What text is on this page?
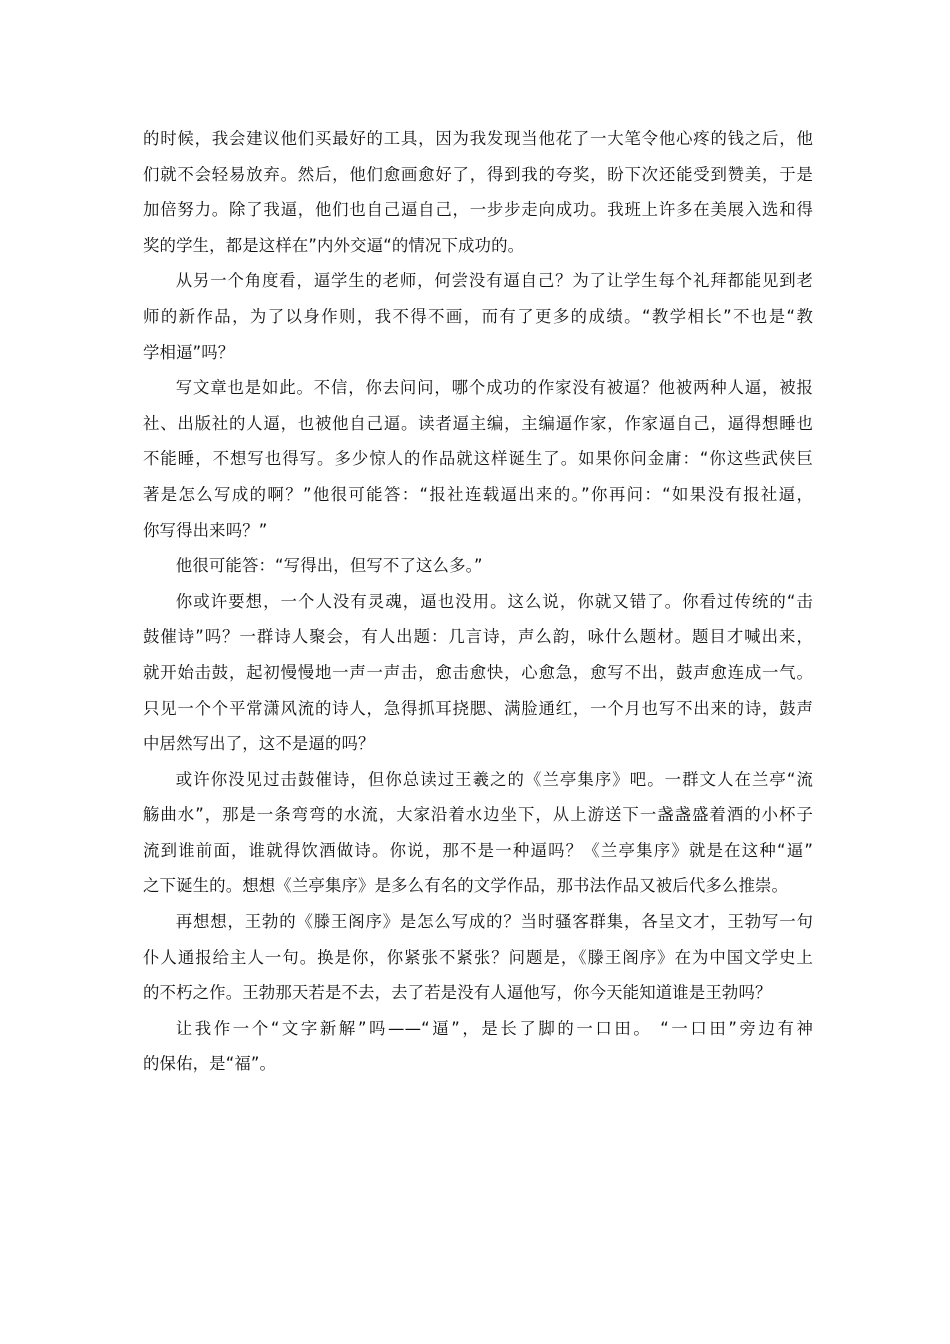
的时候，我会建议他们买最好的工具，因为我发现当他花了一大笔令他心疼的钱之后，他
们就不会轻易放弃。然后，他们愈画愈好了，得到我的夸奖，盼下次还能受到赞美，于是
加倍努力。除了我逼，他们也自己逼自己，一步步走向成功。我班上许多在美展入选和得
奖的学生，都是这样在”内外交逼“的情况下成功的。

从另一个角度看，逼学生的老师，何尝没有逼自己？为了让学生每个礼拜都能见到老
师的新作品，为了以身作则，我不得不画，而有了更多的成绩。“教学相长”不也是“教
学相逼”吗？

写文章也是如此。不信，你去问问，哪个成功的作家没有被逼？他被两种人逼，被报
社、出版社的人逼，也被他自己逼。读者逼主编，主编逼作家，作家逼自己，逼得想睡也
不能睡，不想写也得写。多少惊人的作品就这样诞生了。如果你问金庸：“你这些武侠巨
著是怎么写成的啊？”他很可能答：“报社连载逼出来的。”你再问：“如果没有报社逼，
你写得出来吗？”

他很可能答：“写得出，但写不了这么多。”

你或许要想，一个人没有灵魂，逼也没用。这么说，你就又错了。你看过传统的“击
鼓催诗”吗？一群诗人聚会，有人出题：几言诗，声么韵，咏什么题材。题目才喊出来，
就开始击鼓，起初慢慢地一声一声击，愈击愈快，心愈急，愈写不出，鼓声愈连成一气。
只见一个个平常潇风流的诗人，急得抓耳挠腮、满脸通红，一个月也写不出来的诗，鼓声
中居然写出了，这不是逼的吗？

或许你没见过击鼓催诗，但你总读过王羲之的《兰亭集序》吧。一群文人在兰亭“流
觞曲水”，那是一条弯弯的水流，大家沿着水边坐下，从上游送下一盏盏盛着酒的小杯子
流到谁前面，谁就得饮酒做诗。你说，那不是一种逼吗？《兰亭集序》就是在这种“逼”
之下诞生的。想想《兰亭集序》是多么有名的文学作品，那书法作品又被后代多么推崇。

再想想，王勃的《滕王阁序》是怎么写成的？当时骚客群集，各呈文才，王勃写一句
仆人通报给主人一句。换是你，你紧张不紧张？问题是，《滕王阁序》在为中国文学史上
的不朽之作。王勃那天若是不去，去了若是没有人逼他写，你今天能知道谁是王勃吗？

让我作一个“文字新解”吗——“逼”，是长了脚的一口田。 “一口田”旁边有神
的保佑，是“福”。
